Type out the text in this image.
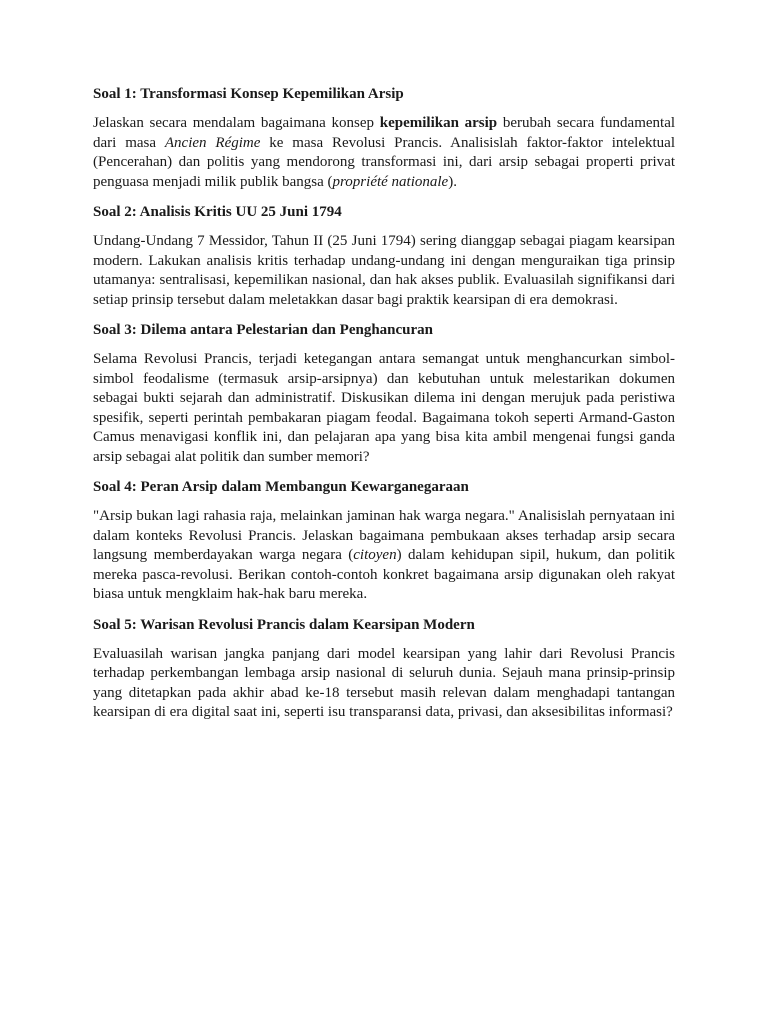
Soal 1: Transformasi Konsep Kepemilikan Arsip

Jelaskan secara mendalam bagaimana konsep kepemilikan arsip berubah secara fundamental dari masa Ancien Régime ke masa Revolusi Prancis. Analisislah faktor-faktor intelektual (Pencerahan) dan politis yang mendorong transformasi ini, dari arsip sebagai properti privat penguasa menjadi milik publik bangsa (propriété nationale).

Soal 2: Analisis Kritis UU 25 Juni 1794

Undang-Undang 7 Messidor, Tahun II (25 Juni 1794) sering dianggap sebagai piagam kearsipan modern. Lakukan analisis kritis terhadap undang-undang ini dengan menguraikan tiga prinsip utamanya: sentralisasi, kepemilikan nasional, dan hak akses publik. Evaluasilah signifikansi dari setiap prinsip tersebut dalam meletakkan dasar bagi praktik kearsipan di era demokrasi.

Soal 3: Dilema antara Pelestarian dan Penghancuran

Selama Revolusi Prancis, terjadi ketegangan antara semangat untuk menghancurkan simbol-simbol feodalisme (termasuk arsip-arsipnya) dan kebutuhan untuk melestarikan dokumen sebagai bukti sejarah dan administratif. Diskusikan dilema ini dengan merujuk pada peristiwa spesifik, seperti perintah pembakaran piagam feodal. Bagaimana tokoh seperti Armand-Gaston Camus menavigasi konflik ini, dan pelajaran apa yang bisa kita ambil mengenai fungsi ganda arsip sebagai alat politik dan sumber memori?

Soal 4: Peran Arsip dalam Membangun Kewarganegaraan

"Arsip bukan lagi rahasia raja, melainkan jaminan hak warga negara." Analisislah pernyataan ini dalam konteks Revolusi Prancis. Jelaskan bagaimana pembukaan akses terhadap arsip secara langsung memberdayakan warga negara (citoyen) dalam kehidupan sipil, hukum, dan politik mereka pasca-revolusi. Berikan contoh-contoh konkret bagaimana arsip digunakan oleh rakyat biasa untuk mengklaim hak-hak baru mereka.

Soal 5: Warisan Revolusi Prancis dalam Kearsipan Modern

Evaluasilah warisan jangka panjang dari model kearsipan yang lahir dari Revolusi Prancis terhadap perkembangan lembaga arsip nasional di seluruh dunia. Sejauh mana prinsip-prinsip yang ditetapkan pada akhir abad ke-18 tersebut masih relevan dalam menghadapi tantangan kearsipan di era digital saat ini, seperti isu transparansi data, privasi, dan aksesibilitas informasi?
